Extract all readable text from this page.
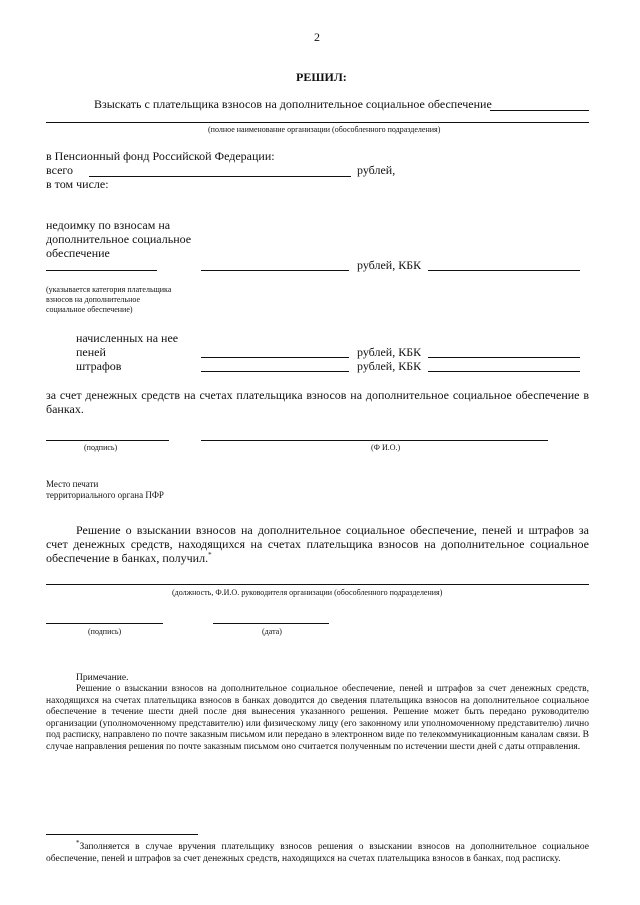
2
РЕШИЛ:
Взыскать с плательщика взносов на дополнительное социальное обеспечение
(полное наименование организации (обособленного подразделения)
в Пенсионный фонд Российской Федерации:
всего	рублей,
в том числе:
недоимку по взносам на
дополнительное социальное
обеспечение
рублей, КБК
(указывается категория плательщика
взносов на дополнительное
социальное обеспечение)
начисленных на нее
пеней	рублей, КБК
штрафов	рублей, КБК
за счет денежных средств на счетах плательщика взносов на дополнительное социальное обеспечение в банках.
(подпись)	(Ф И.О.)
Место печати
территориального органа ПФР
Решение о взыскании взносов на дополнительное социальное обеспечение, пеней и штрафов за счет денежных средств, находящихся на счетах плательщика взносов на дополнительное социальное обеспечение в банках, получил.*
(должность, Ф.И.О. руководителя организации (обособленного подразделения)
(подпись)	(дата)
Примечание.
Решение о взыскании взносов на дополнительное социальное обеспечение, пеней и штрафов за счет денежных средств, находящихся на счетах плательщика взносов в банках доводится до сведения плательщика взносов на дополнительное социальное обеспечение в течение шести дней после дня вынесения указанного решения. Решение может быть передано руководителю организации (уполномоченному представителю) или физическому лицу (его законному или уполномоченному представителю) лично под расписку, направлено по почте заказным письмом или передано в электронном виде по телекоммуникационным каналам связи. В случае направления решения по почте заказным письмом оно считается полученным по истечении шести дней с даты отправления.
*Заполняется в случае вручения плательщику взносов решения о взыскании взносов на дополнительное социальное обеспечение, пеней и штрафов за счет денежных средств, находящихся на счетах плательщика взносов в банках, под расписку.
